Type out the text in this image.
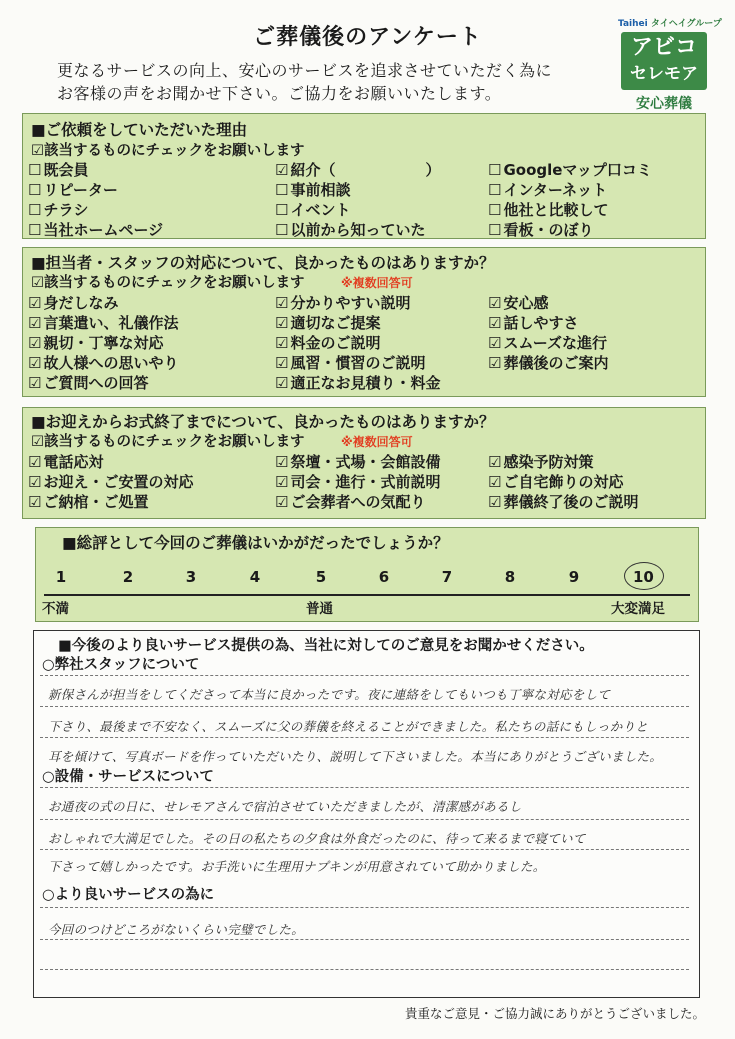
ご葬儀後のアンケート
更なるサービスの向上、安心のサービスを追求させていただく為に
お客様の声をお聞かせ下さい。ご協力をお願いいたします。
Taihei タイヘイグループ
アビコ
セレモア
安心葬儀
■ご依頼をしていただいた理由
☑該当するものにチェックをお願いします
☐ 既会員	☑ 紹介（　　　　　　）	☐ Googleマップ口コミ
☐ リピーター	☐ 事前相談	☐ インターネット
☐ チラシ	☐ イベント	☐ 他社と比較して
☐ 当社ホームページ	☐ 以前から知っていた	☐ 看板・のぼり
■担当者・スタッフの対応について、良かったものはありますか？
☑該当するものにチェックをお願いします	※複数回答可
☑ 身だしなみ	☑ 分かりやすい説明	☑ 安心感
☑ 言葉遣い、礼儀作法	☑ 適切なご提案	☑ 話しやすさ
☑ 親切・丁寧な対応	☑ 料金のご説明	☑ スムーズな進行
☑ 故人様への思いやり	☑ 風習・慣習のご説明	☑ 葬儀後のご案内
☑ ご質問への回答	☑ 適正なお見積り・料金
■お迎えからお式終了までについて、良かったものはありますか？
☑該当するものにチェックをお願いします	※複数回答可
☑ 電話応対	☑ 祭壇・式場・会館設備	☑ 感染予防対策
☑ お迎え・ご安置の対応	☑ 司会・進行・式前説明	☑ ご自宅飾りの対応
☑ ご納棺・ご処置	☑ ご会葬者への気配り	☑ 葬儀終了後のご説明
■総評として今回のご葬儀はいかがだったでしょうか？
1	2	3	4	5	6	7	8	9	10
不満	普通	大変満足
■今後のより良いサービス提供の為、当社に対してのご意見をお聞かせください。
○弊社スタッフについて
新保さんが担当をしてくださって本当に良かったです。夜に連絡をしてもいつも丁寧な対応をして
下さり、最後まで不安なく、スムーズに父の葬儀を終えることができました。私たちの話にもしっかりと
耳を傾けて、写真ボードを作っていただいたり、説明して下さいました。本当にありがとうございました。
○設備・サービスについて
お通夜の式の日に、せレモアさんで宿泊させていただきましたが、清潔感があるし
おしゃれで大満足でした。その日の私たちの夕食は外食だったのに、待って来るまで寝ていて
下さって嬉しかったです。お手洗いに生理用ナプキンが用意されていて助かりました。
○より良いサービスの為に
今回のつけどころがないくらい完璧でした。
貴重なご意見・ご協力誠にありがとうございました。
